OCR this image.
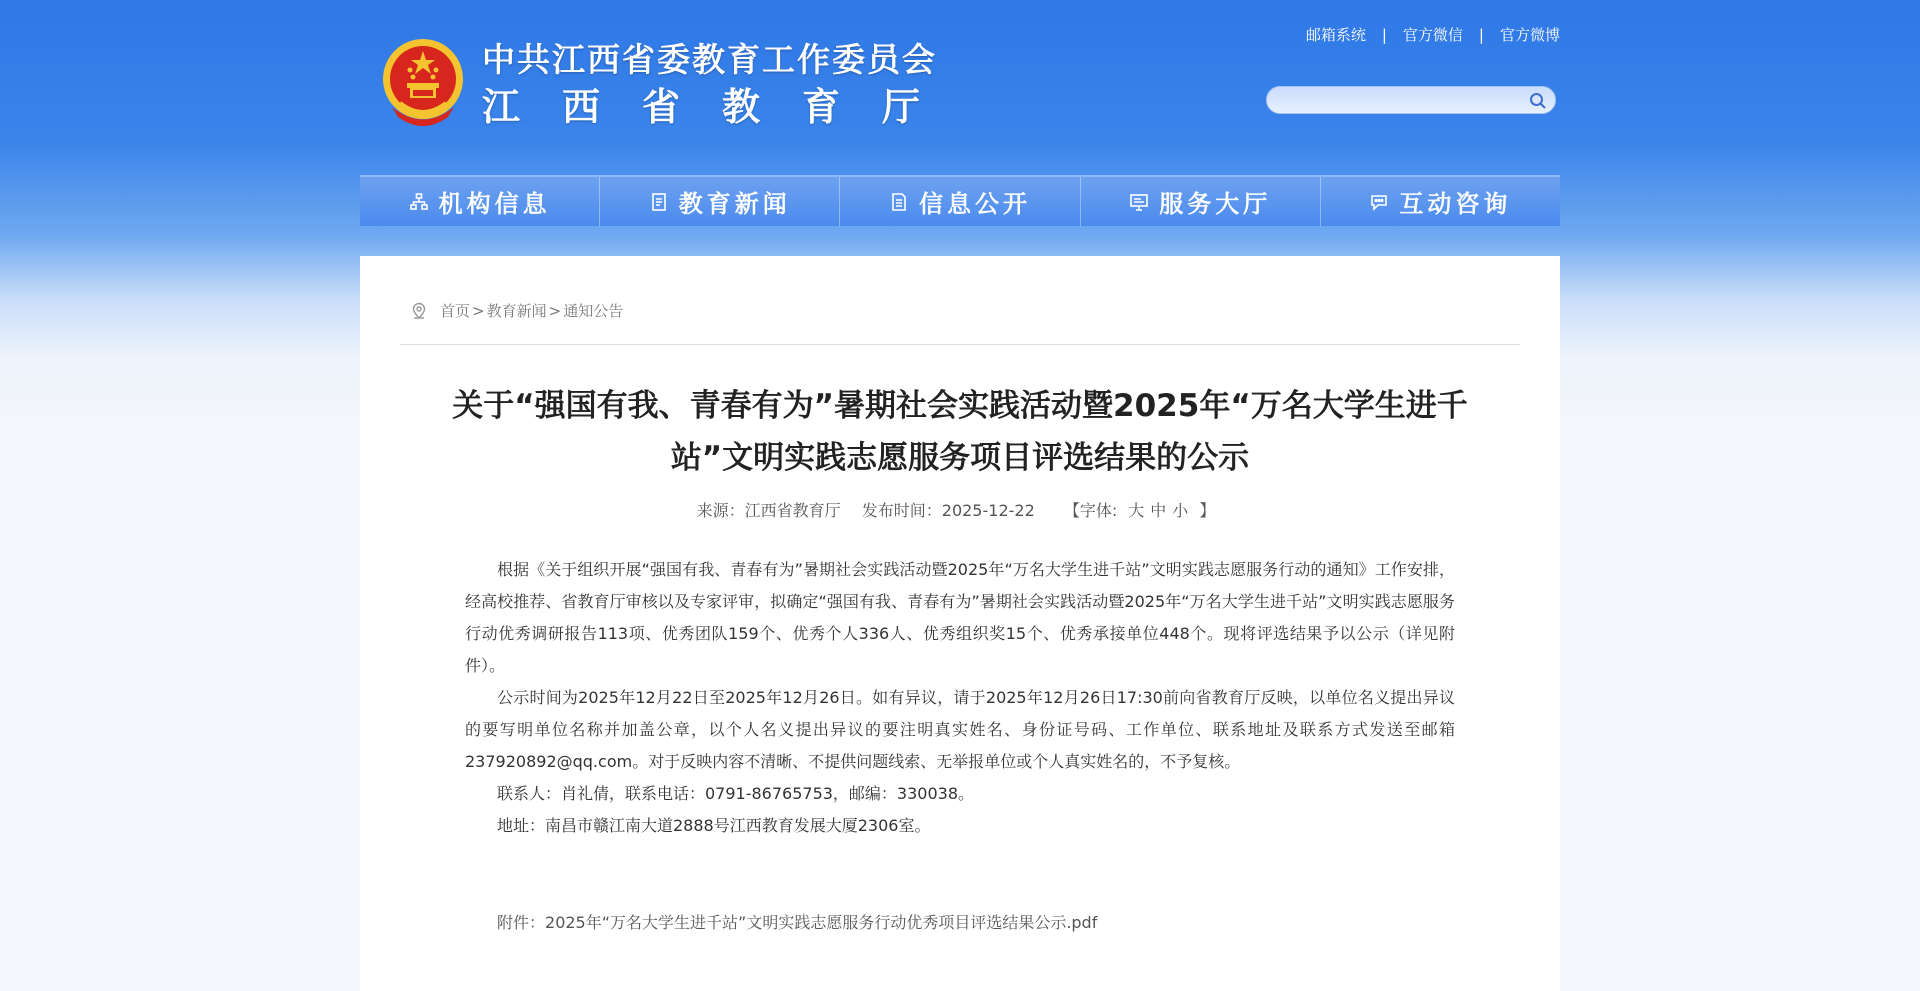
中共江西省委教育工作委员会
江西省教育厅
邮箱系统 | 官方微信 | 官方微博
机构信息	教育新闻	信息公开	服务大厅	互动咨询
首页 > 教育新闻 > 通知公告
关于“强国有我、青春有为”暑期社会实践活动暨2025年“万名大学生进千站”文明实践志愿服务项目评选结果的公示
来源：江西省教育厅 发布时间：2025-12-22 【字体: 大 中 小 】

根据《关于组织开展“强国有我、青春有为”暑期社会实践活动暨2025年“万名大学生进千站”文明实践志愿服务行动的通知》工作安排，经高校推荐、省教育厅审核以及专家评审，拟确定“强国有我、青春有为”暑期社会实践活动暨2025年“万名大学生进千站”文明实践志愿服务行动优秀调研报告113项、优秀团队159个、优秀个人336人、优秀组织奖15个、优秀承接单位448个。现将评选结果予以公示（详见附件）。

公示时间为2025年12月22日至2025年12月26日。如有异议，请于2025年12月26日17:30前向省教育厅反映，以单位名义提出异议的要写明单位名称并加盖公章，以个人名义提出异议的要注明真实姓名、身份证号码、工作单位、联系地址及联系方式发送至邮箱237920892@qq.com。对于反映内容不清晰、不提供问题线索、无举报单位或个人真实姓名的，不予复核。

联系人：肖礼倩，联系电话：0791-86765753，邮编：330038。

地址：南昌市赣江南大道2888号江西教育发展大厦2306室。

附件：2025年“万名大学生进千站”文明实践志愿服务行动优秀项目评选结果公示.pdf
